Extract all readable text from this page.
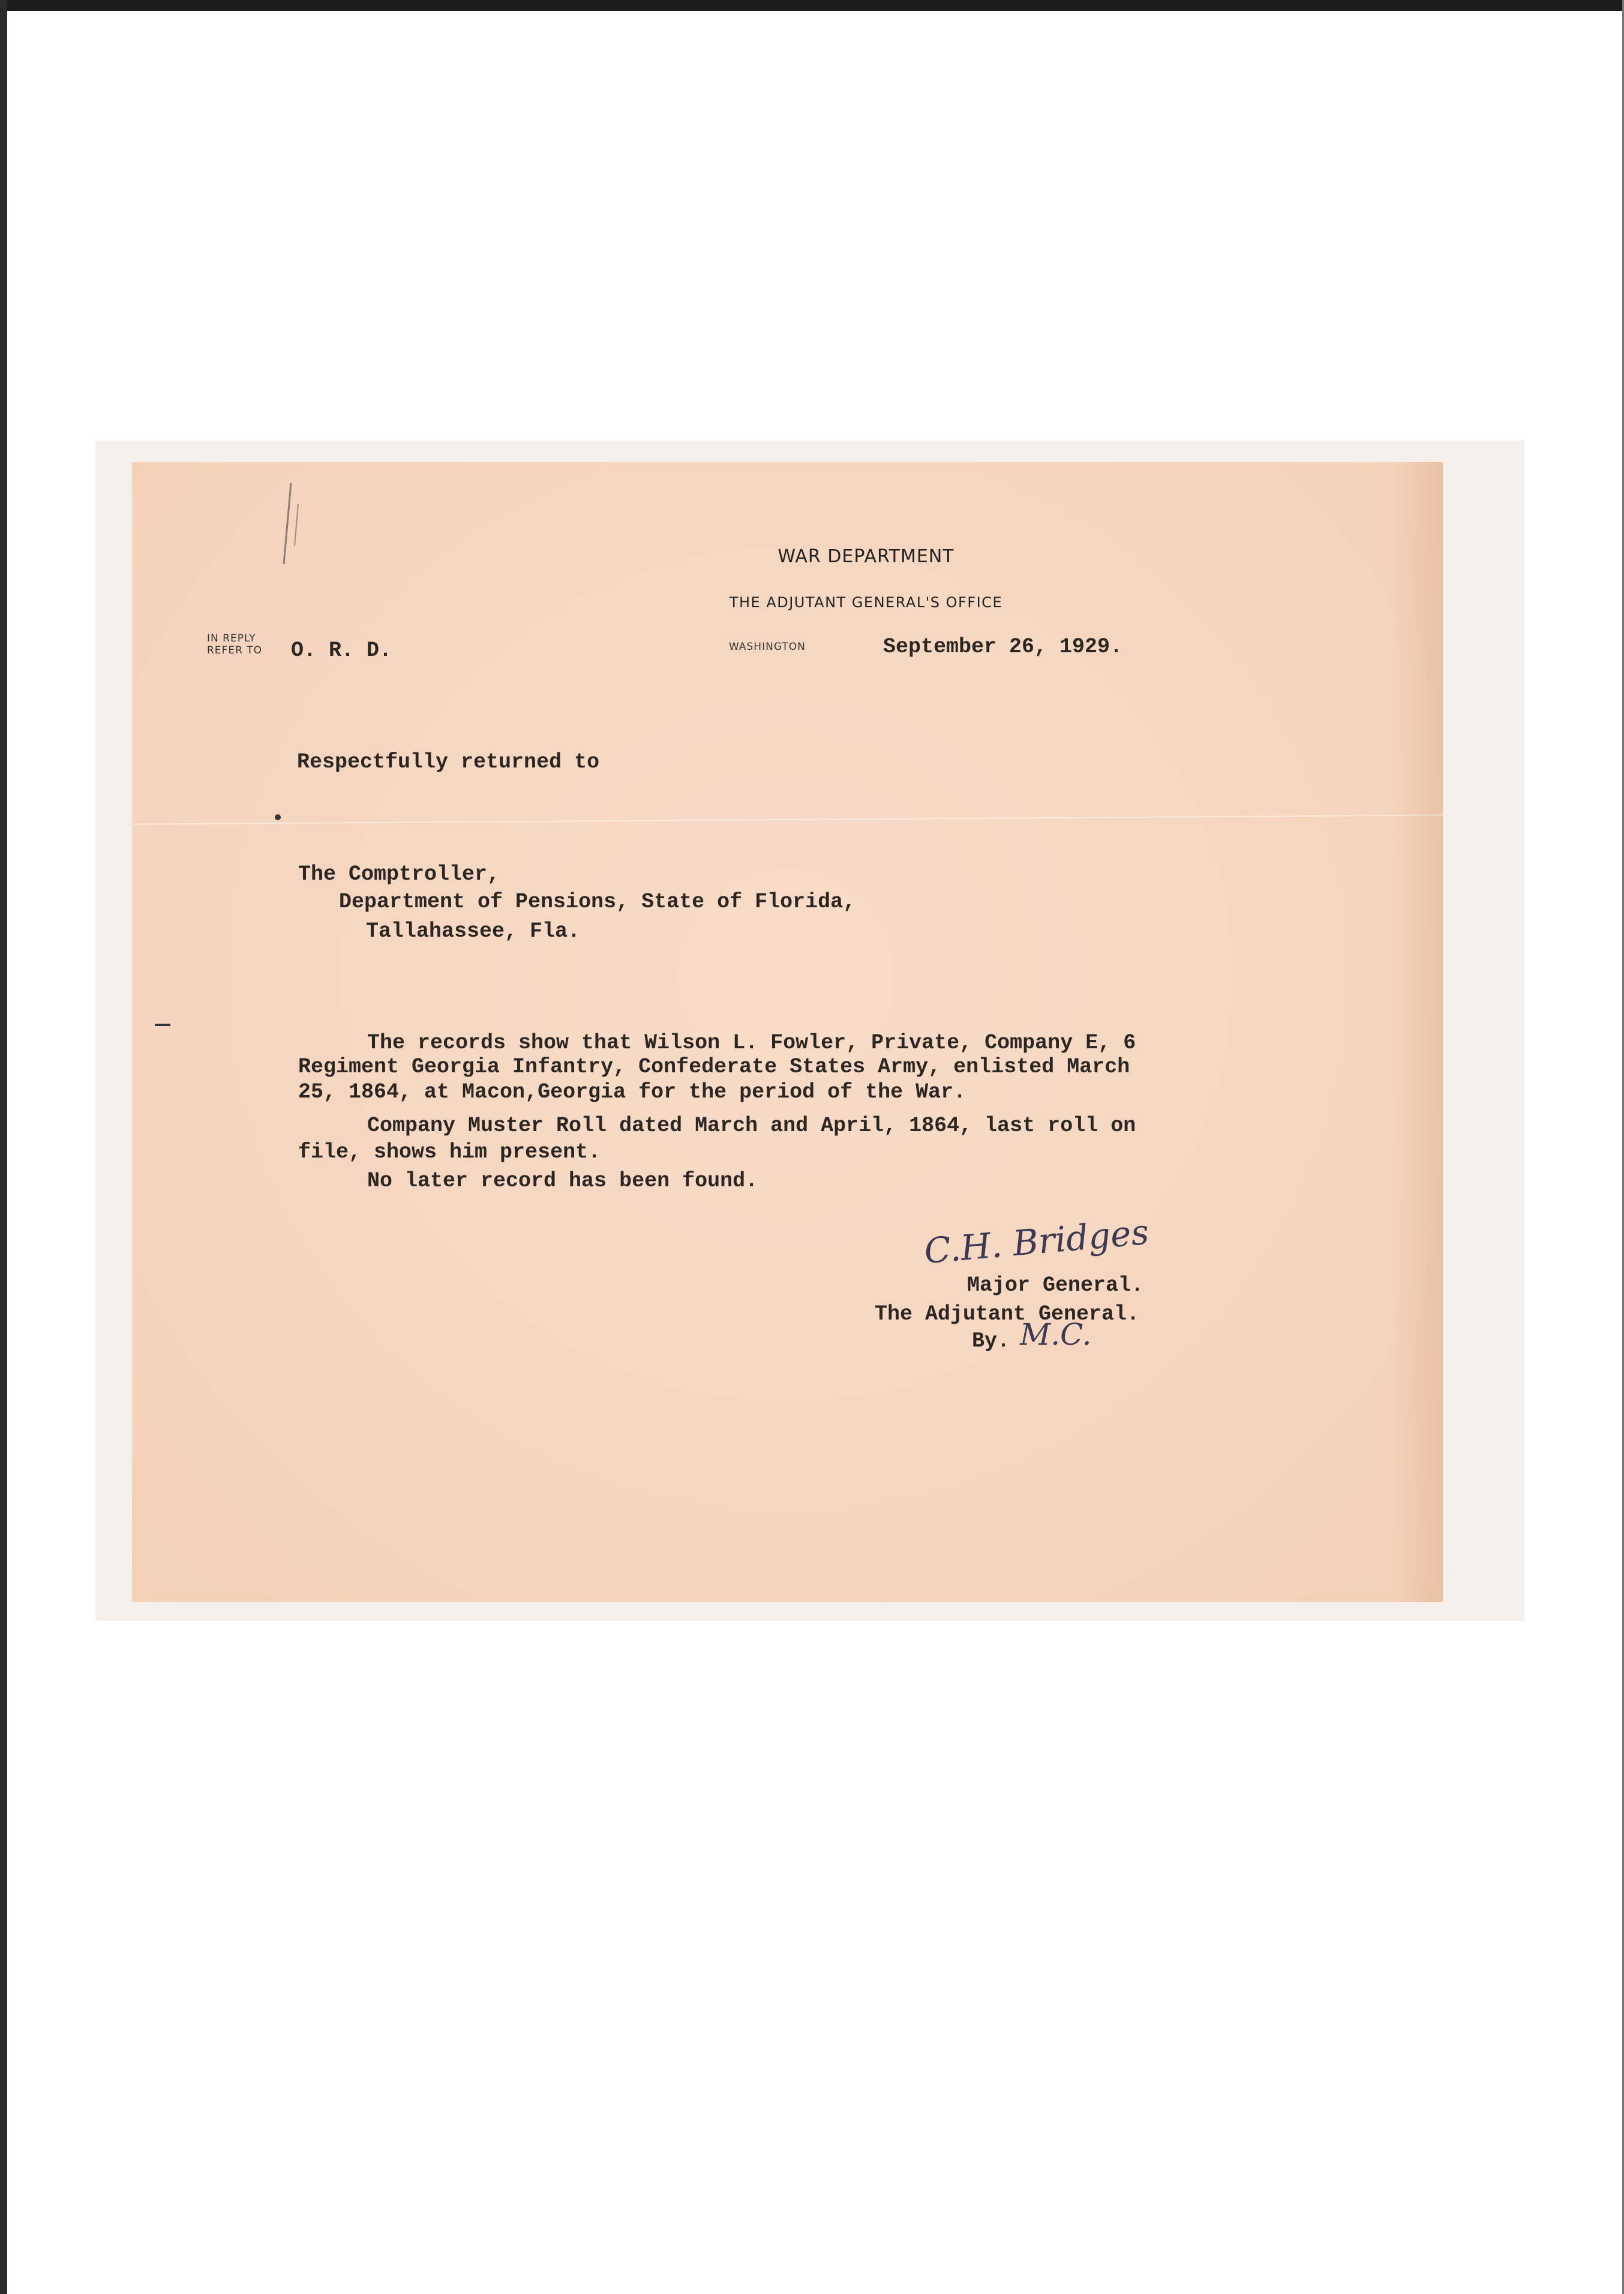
WAR DEPARTMENT
THE ADJUTANT GENERAL'S OFFICE
IN REPLY REFER TO	O. R. D.	WASHINGTON	September 26, 1929.
Respectfully returned to
The Comptroller,
Department of Pensions, State of Florida,
Tallahassee, Fla.
The records show that Wilson L. Fowler, Private, Company E, 6
Regiment Georgia Infantry, Confederate States Army, enlisted March
25, 1864, at Macon,Georgia for the period of the War.
Company Muster Roll dated March and April, 1864, last roll on
file, shows him present.
No later record has been found.
C.H. Bridges
Major General.
The Adjutant General.
By. M.C.
